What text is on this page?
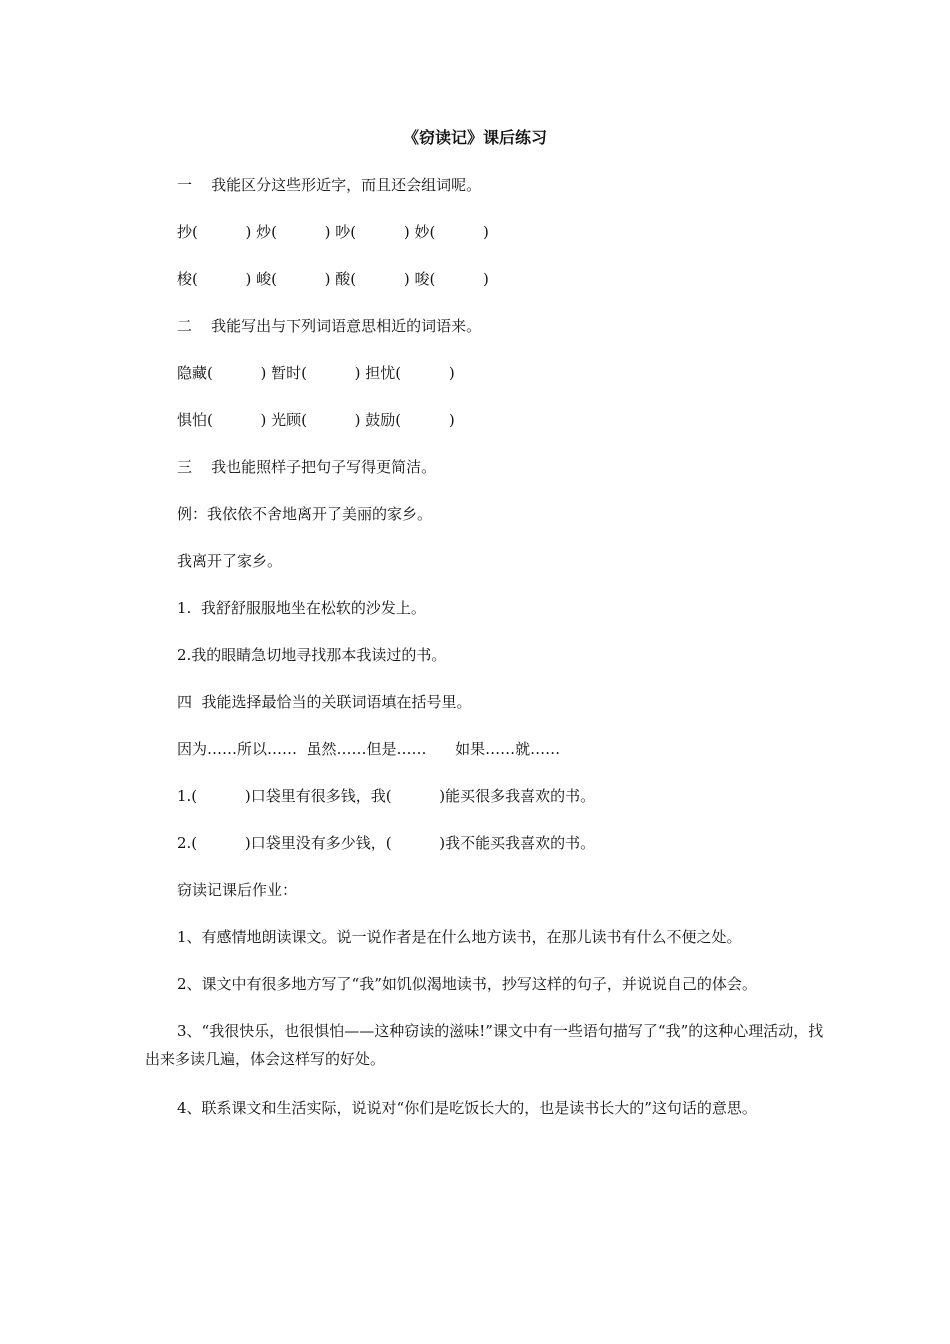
《窃读记》课后练习
一    我能区分这些形近字，而且还会组词呢。
抄(          ) 炒(          ) 吵(          ) 妙(          )
梭(          ) 峻(          ) 酸(          ) 唆(          )
二    我能写出与下列词语意思相近的词语来。
隐藏(          ) 暂时(          ) 担忧(          )
惧怕(          ) 光顾(          ) 鼓励(          )
三    我也能照样子把句子写得更简洁。
例：我依依不舍地离开了美丽的家乡。
我离开了家乡。
1.  我舒舒服服地坐在松软的沙发上。
2.我的眼睛急切地寻找那本我读过的书。
四  我能选择最恰当的关联词语填在括号里。
因为……所以……  虽然……但是……      如果……就……
1.(          )口袋里有很多钱，我(          )能买很多我喜欢的书。
2.(          )口袋里没有多少钱，(          )我不能买我喜欢的书。
窃读记课后作业：
1、有感情地朗读课文。说一说作者是在什么地方读书，在那儿读书有什么不便之处。
2、课文中有很多地方写了“我”如饥似渴地读书，抄写这样的句子，并说说自己的体会。
3、“我很快乐，也很惧怕——这种窃读的滋味!”课文中有一些语句描写了“我”的这种心理活动，找出来多读几遍，体会这样写的好处。
4、联系课文和生活实际，说说对“你们是吃饭长大的，也是读书长大的”这句话的意思。
